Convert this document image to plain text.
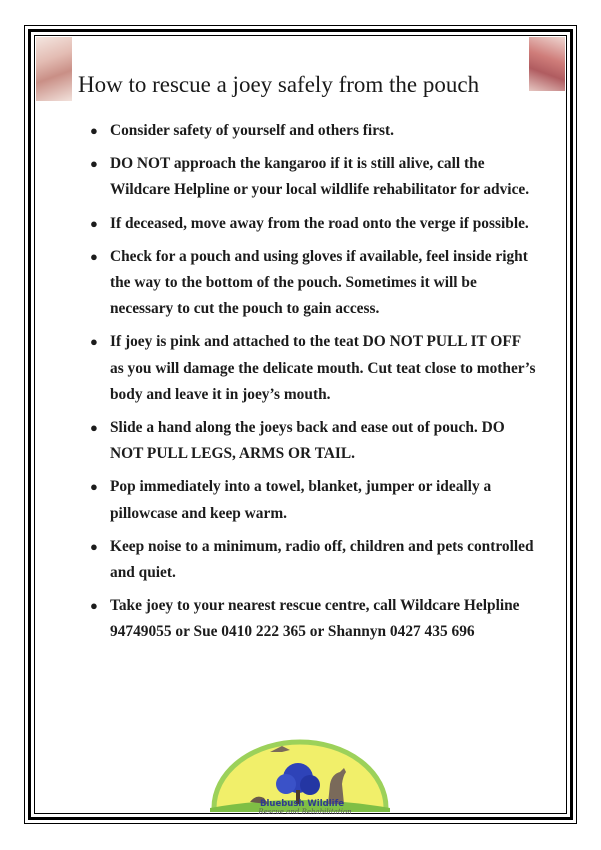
How to rescue a joey safely from the pouch
● Consider safety of yourself and others first.
● DO NOT approach the kangaroo if it is still alive, call the Wildcare Helpline or your local wildlife rehabilitator for advice.
● If deceased, move away from the road onto the verge if possible.
● Check for a pouch and using gloves if available, feel inside right the way to the bottom of the pouch. Sometimes it will be necessary to cut the pouch to gain access.
● If joey is pink and attached to the teat DO NOT PULL IT OFF as you will damage the delicate mouth. Cut teat close to mother’s body and leave it in joey’s mouth.
● Slide a hand along the joeys back and ease out of pouch. DO NOT PULL LEGS, ARMS OR TAIL.
● Pop immediately into a towel, blanket, jumper or ideally a pillowcase and keep warm.
● Keep noise to a minimum, radio off, children and pets controlled and quiet.
● Take joey to your nearest rescue centre, call Wildcare Helpline 94749055 or Sue 0410 222 365 or Shannyn 0427 435 696
Bluebush Wildlife
Rescue and Rehabilitation
